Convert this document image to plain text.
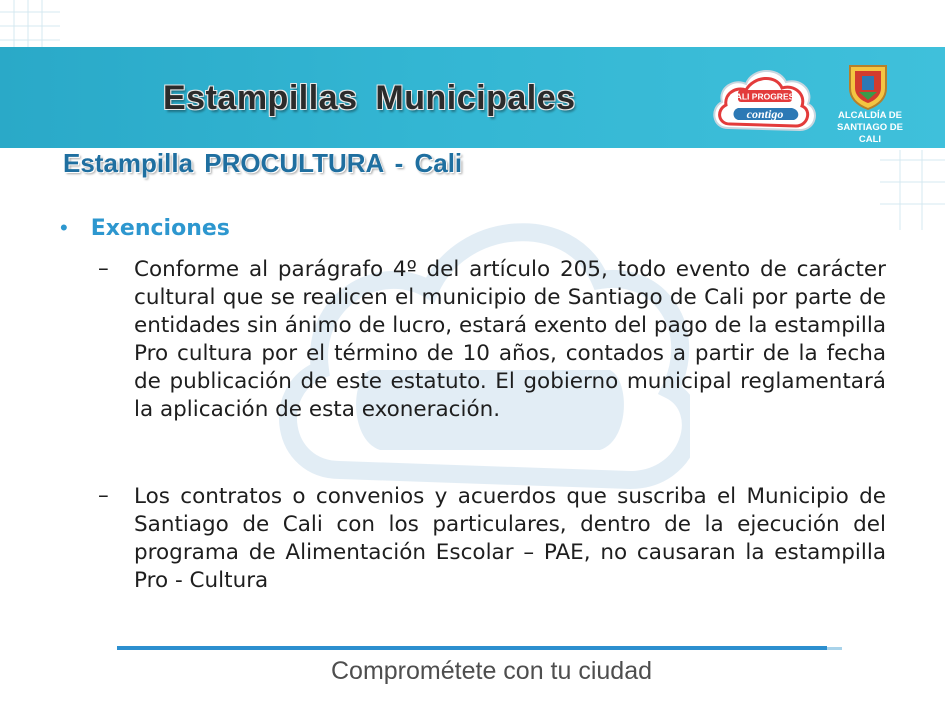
Estampillas Municipales	CALI PROGRESA
contigo	ALCALDÍA DE
SANTIAGO DE CALI
Estampilla PROCULTURA - Cali
• Exenciones
–	Conforme al parágrafo 4º del artículo 205, todo evento de carácter cultural que se realicen el municipio de Santiago de Cali por parte de entidades sin ánimo de lucro, estará exento del pago de la estampilla Pro cultura por el término de 10 años, contados a partir de la fecha de publicación de este estatuto. El gobierno municipal reglamentará la aplicación de esta exoneración.
–	Los contratos o convenios y acuerdos que suscriba el Municipio de Santiago de Cali con los particulares, dentro de la ejecución del programa de Alimentación Escolar – PAE, no causaran la estampilla Pro - Cultura
Comprométete con tu ciudad
